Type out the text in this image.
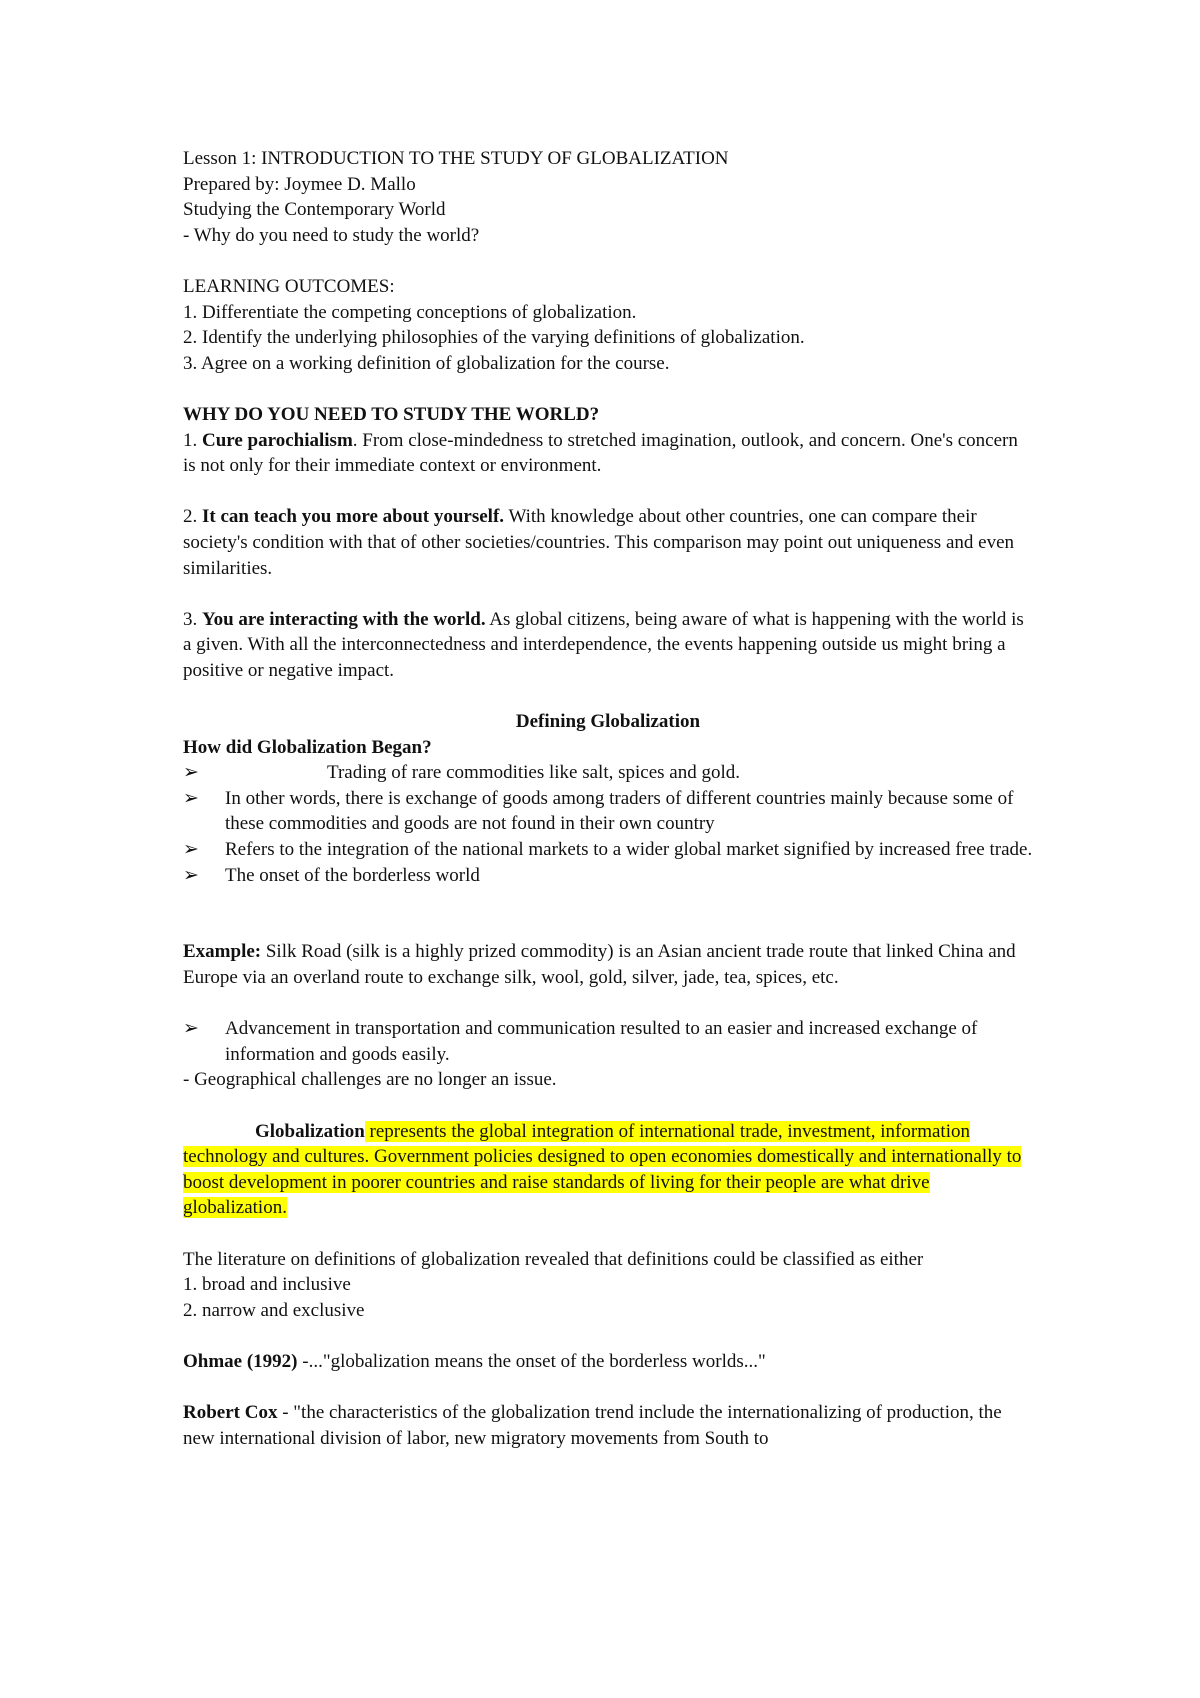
Lesson 1: INTRODUCTION TO THE STUDY OF GLOBALIZATION
Prepared by: Joymee D. Mallo
Studying the Contemporary World
- Why do you need to study the world?
LEARNING OUTCOMES:
1. Differentiate the competing conceptions of globalization.
2. Identify the underlying philosophies of the varying definitions of globalization.
3. Agree on a working definition of globalization for the course.
WHY DO YOU NEED TO STUDY THE WORLD?
1. Cure parochialism. From close-mindedness to stretched imagination, outlook, and concern. One's concern is not only for their immediate context or environment.
2. It can teach you more about yourself. With knowledge about other countries, one can compare their society's condition with that of other societies/countries. This comparison may point out uniqueness and even similarities.
3. You are interacting with the world. As global citizens, being aware of what is happening with the world is a given. With all the interconnectedness and interdependence, the events happening outside us might bring a positive or negative impact.
Defining Globalization
How did Globalization Began?
➢	Trading of rare commodities like salt, spices and gold.
➢	In other words, there is exchange of goods among traders of different countries mainly because some of these commodities and goods are not found in their own country
➢	Refers to the integration of the national markets to a wider global market signified by increased free trade.
➢	The onset of the borderless world
Example: Silk Road (silk is a highly prized commodity) is an Asian ancient trade route that linked China and Europe via an overland route to exchange silk, wool, gold, silver, jade, tea, spices, etc.
➢	Advancement in transportation and communication resulted to an easier and increased exchange of information and goods easily.
- Geographical challenges are no longer an issue.
Globalization represents the global integration of international trade, investment, information technology and cultures. Government policies designed to open economies domestically and internationally to boost development in poorer countries and raise standards of living for their people are what drive globalization.
The literature on definitions of globalization revealed that definitions could be classified as either
1. broad and inclusive
2. narrow and exclusive
Ohmae (1992) -..."globalization means the onset of the borderless worlds..."
Robert Cox - "the characteristics of the globalization trend include the internationalizing of production, the new international division of labor, new migratory movements from South to
